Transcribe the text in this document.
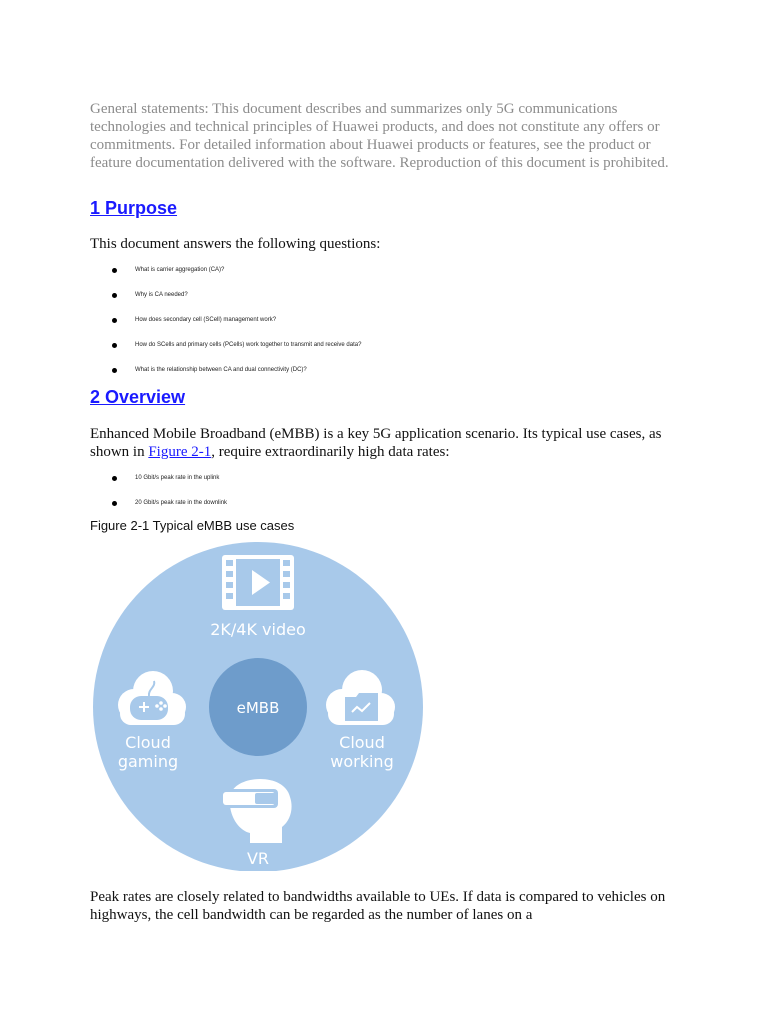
General statements: This document describes and summarizes only 5G communications technologies and technical principles of Huawei products, and does not constitute any offers or commitments. For detailed information about Huawei products or features, see the product or feature documentation delivered with the software. Reproduction of this document is prohibited.
1 Purpose
This document answers the following questions:
What is carrier aggregation (CA)?
Why is CA needed?
How does secondary cell (SCell) management work?
How do SCells and primary cells (PCells) work together to transmit and receive data?
What is the relationship between CA and dual connectivity (DC)?
2 Overview
Enhanced Mobile Broadband (eMBB) is a key 5G application scenario. Its typical use cases, as shown in Figure 2-1, require extraordinarily high data rates:
10 Gbit/s peak rate in the uplink
20 Gbit/s peak rate in the downlink
Figure 2-1 Typical eMBB use cases
eMBB
2K/4K video
Cloud
gaming
Cloud
working
VR
Peak rates are closely related to bandwidths available to UEs. If data is compared to vehicles on highways, the cell bandwidth can be regarded as the number of lanes on a
